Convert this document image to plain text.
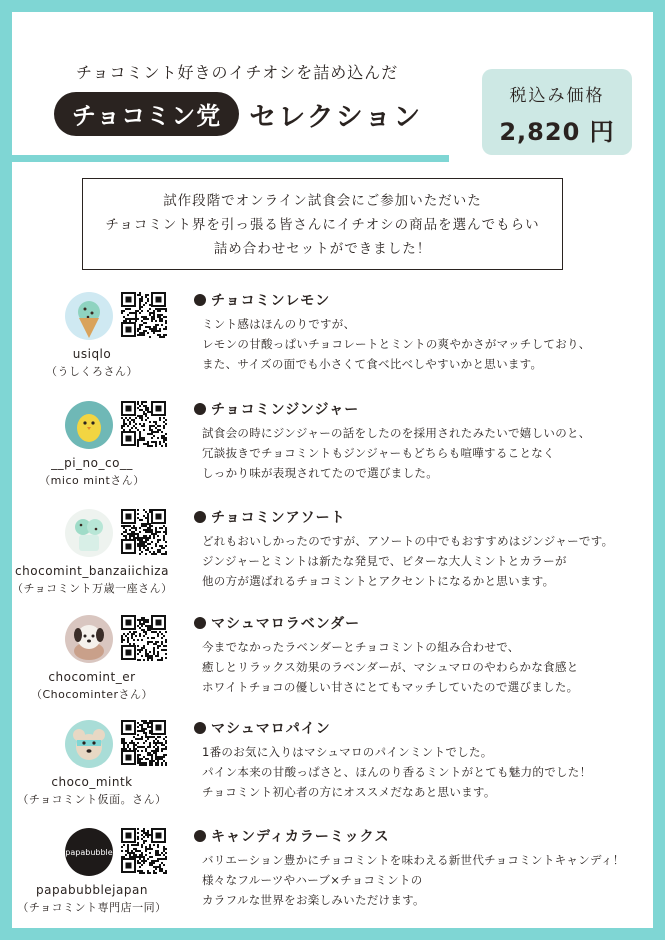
チョコミント好きのイチオシを詰め込んだ
チョコミン党	セレクション
税込み価格
2,820 円
試作段階でオンライン試食会にご参加いただいた
チョコミント界を引っ張る皆さんにイチオシの商品を選んでもらい
詰め合わせセットができました！
usiqlo
（うしくろさん）
チョコミンレモン
ミント感はほんのりですが、
レモンの甘酸っぱいチョコレートとミントの爽やかさがマッチしており、
また、サイズの面でも小さくて食べ比べしやすいかと思います。
__pi_no_co__
（mico mintさん）
チョコミンジンジャー
試食会の時にジンジャーの話をしたのを採用されたみたいで嬉しいのと、
冗談抜きでチョコミントもジンジャーもどちらも喧嘩することなく
しっかり味が表現されてたので選びました。
chocomint_banzaiichiza
（チョコミント万歳一座さん）
チョコミンアソート
どれもおいしかったのですが、アソートの中でもおすすめはジンジャーです。
ジンジャーとミントは新たな発見で、ビターな大人ミントとカラーが
他の方が選ばれるチョコミントとアクセントになるかと思います。
chocomint_er
（Chocominterさん）
マシュマロラベンダー
今までなかったラベンダーとチョコミントの組み合わせで、
癒しとリラックス効果のラベンダーが、マシュマロのやわらかな食感と
ホワイトチョコの優しい甘さにとてもマッチしていたので選びました。
choco_mintk
（チョコミント仮面。さん）
マシュマロパイン
1番のお気に入りはマシュマロのパインミントでした。
パイン本来の甘酸っぱさと、ほんのり香るミントがとても魅力的でした！
チョコミント初心者の方にオススメだなあと思います。
papabubble
papabubblejapan
（チョコミント専門店一同）
キャンディカラーミックス
バリエーション豊かにチョコミントを味わえる新世代チョコミントキャンディ！
様々なフルーツやハーブ×チョコミントの
カラフルな世界をお楽しみいただけます。
